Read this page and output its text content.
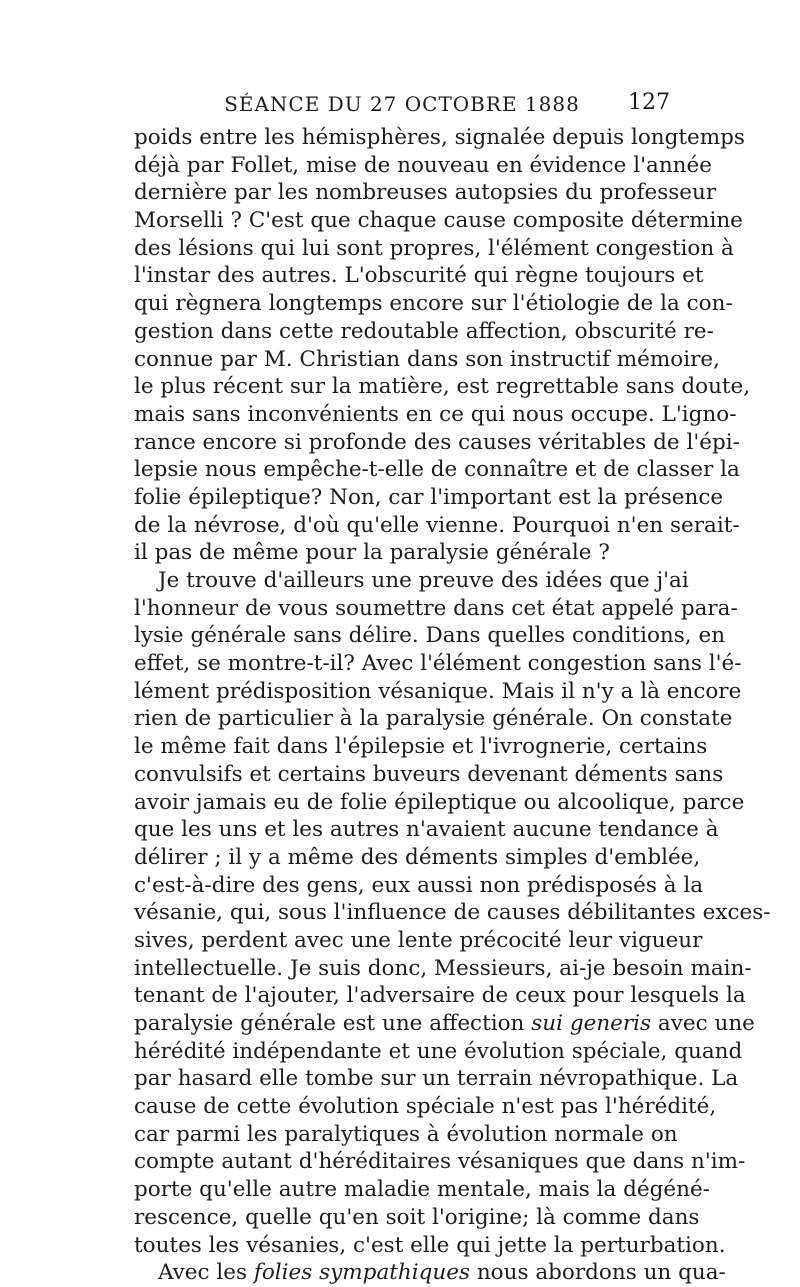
SÉANCE DU 27 OCTOBRE 1888	127
poids entre les hémisphères, signalée depuis longtemps
déjà par Follet, mise de nouveau en évidence l'année
dernière par les nombreuses autopsies du professeur
Morselli ? C'est que chaque cause composite détermine
des lésions qui lui sont propres, l'élément congestion à
l'instar des autres. L'obscurité qui règne toujours et
qui règnera longtemps encore sur l'étiologie de la con-
gestion dans cette redoutable affection, obscurité re-
connue par M. Christian dans son instructif mémoire,
le plus récent sur la matière, est regrettable sans doute,
mais sans inconvénients en ce qui nous occupe. L'igno-
rance encore si profonde des causes véritables de l'épi-
lepsie nous empêche-t-elle de connaître et de classer la
folie épileptique? Non, car l'important est la présence
de la névrose, d'où qu'elle vienne. Pourquoi n'en serait-
il pas de même pour la paralysie générale ?
Je trouve d'ailleurs une preuve des idées que j'ai
l'honneur de vous soumettre dans cet état appelé para-
lysie générale sans délire. Dans quelles conditions, en
effet, se montre-t-il? Avec l'élément congestion sans l'é-
lément prédisposition vésanique. Mais il n'y a là encore
rien de particulier à la paralysie générale. On constate
le même fait dans l'épilepsie et l'ivrognerie, certains
convulsifs et certains buveurs devenant déments sans
avoir jamais eu de folie épileptique ou alcoolique, parce
que les uns et les autres n'avaient aucune tendance à
délirer ; il y a même des déments simples d'emblée,
c'est-à-dire des gens, eux aussi non prédisposés à la
vésanie, qui, sous l'influence de causes débilitantes exces-
sives, perdent avec une lente précocité leur vigueur
intellectuelle. Je suis donc, Messieurs, ai-je besoin main-
tenant de l'ajouter, l'adversaire de ceux pour lesquels la
paralysie générale est une affection sui generis avec une
hérédité indépendante et une évolution spéciale, quand
par hasard elle tombe sur un terrain névropathique. La
cause de cette évolution spéciale n'est pas l'hérédité,
car parmi les paralytiques à évolution normale on
compte autant d'héréditaires vésaniques que dans n'im-
porte qu'elle autre maladie mentale, mais la dégéné-
rescence, quelle qu'en soit l'origine; là comme dans
toutes les vésanies, c'est elle qui jette la perturbation.
Avec les folies sympathiques nous abordons un qua-
